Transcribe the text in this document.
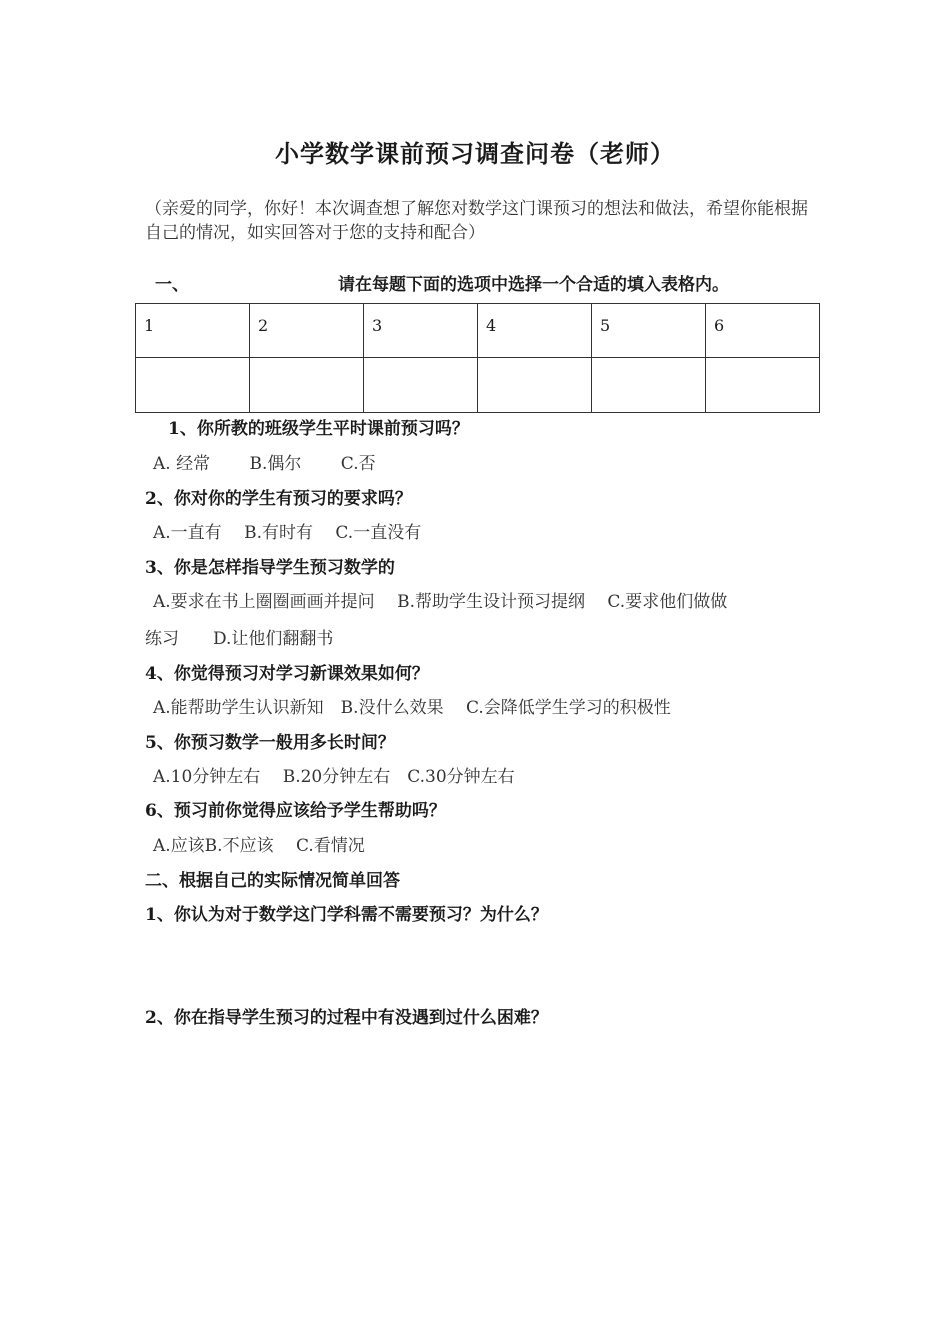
小学数学课前预习调查问卷（老师）
（亲爱的同学，你好！本次调查想了解您对数学这门课预习的想法和做法，希望你能根据自己的情况，如实回答对于您的支持和配合）
一、	请在每题下面的选项中选择一个合适的填入表格内。
1	2	3	4	5	6

1、你所教的班级学生平时课前预习吗？
A. 经常　　 B.偶尔　　 C.否
2、你对你的学生有预习的要求吗？
A.一直有　 B.有时有　 C.一直没有
3、你是怎样指导学生预习数学的
A.要求在书上圈圈画画并提问　 B.帮助学生设计预习提纲　 C.要求他们做做
练习　　D.让他们翻翻书
4、你觉得预习对学习新课效果如何？
A.能帮助学生认识新知　B.没什么效果　 C.会降低学生学习的积极性
5、你预习数学一般用多长时间？
A.10分钟左右　 B.20分钟左右　C.30分钟左右
6、预习前你觉得应该给予学生帮助吗？
A.应该B.不应该　 C.看情况
二、根据自己的实际情况简单回答
1、你认为对于数学这门学科需不需要预习？为什么？
2、你在指导学生预习的过程中有没遇到过什么困难？
